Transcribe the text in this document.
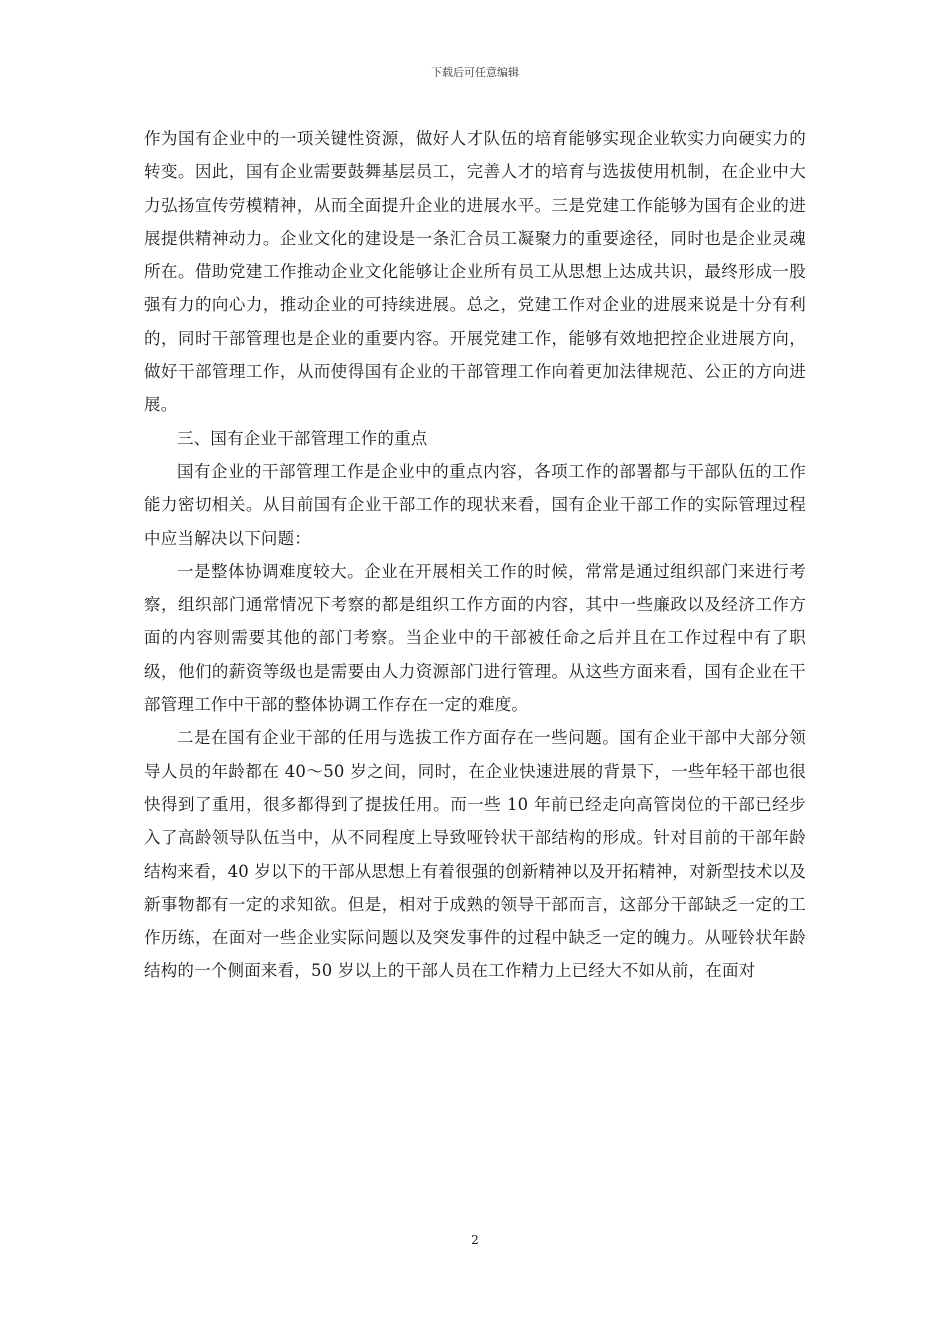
下载后可任意编辑

作为国有企业中的一项关键性资源，做好人才队伍的培育能够实现企业软实力向硬实力的转变。因此，国有企业需要鼓舞基层员工，完善人才的培育与选拔使用机制，在企业中大力弘扬宣传劳模精神，从而全面提升企业的进展水平。三是党建工作能够为国有企业的进展提供精神动力。企业文化的建设是一条汇合员工凝聚力的重要途径，同时也是企业灵魂所在。借助党建工作推动企业文化能够让企业所有员工从思想上达成共识，最终形成一股强有力的向心力，推动企业的可持续进展。总之，党建工作对企业的进展来说是十分有利的，同时干部管理也是企业的重要内容。开展党建工作，能够有效地把控企业进展方向，做好干部管理工作，从而使得国有企业的干部管理工作向着更加法律规范、公正的方向进展。

三、国有企业干部管理工作的重点

国有企业的干部管理工作是企业中的重点内容，各项工作的部署都与干部队伍的工作能力密切相关。从目前国有企业干部工作的现状来看，国有企业干部工作的实际管理过程中应当解决以下问题：

一是整体协调难度较大。企业在开展相关工作的时候，常常是通过组织部门来进行考察，组织部门通常情况下考察的都是组织工作方面的内容，其中一些廉政以及经济工作方面的内容则需要其他的部门考察。当企业中的干部被任命之后并且在工作过程中有了职级，他们的薪资等级也是需要由人力资源部门进行管理。从这些方面来看，国有企业在干部管理工作中干部的整体协调工作存在一定的难度。

二是在国有企业干部的任用与选拔工作方面存在一些问题。国有企业干部中大部分领导人员的年龄都在 40～50 岁之间，同时，在企业快速进展的背景下，一些年轻干部也很快得到了重用，很多都得到了提拔任用。而一些 10 年前已经走向高管岗位的干部已经步入了高龄领导队伍当中，从不同程度上导致哑铃状干部结构的形成。针对目前的干部年龄结构来看，40 岁以下的干部从思想上有着很强的创新精神以及开拓精神，对新型技术以及新事物都有一定的求知欲。但是，相对于成熟的领导干部而言，这部分干部缺乏一定的工作历练，在面对一些企业实际问题以及突发事件的过程中缺乏一定的魄力。从哑铃状年龄结构的一个侧面来看，50 岁以上的干部人员在工作精力上已经大不如从前，在面对

2
